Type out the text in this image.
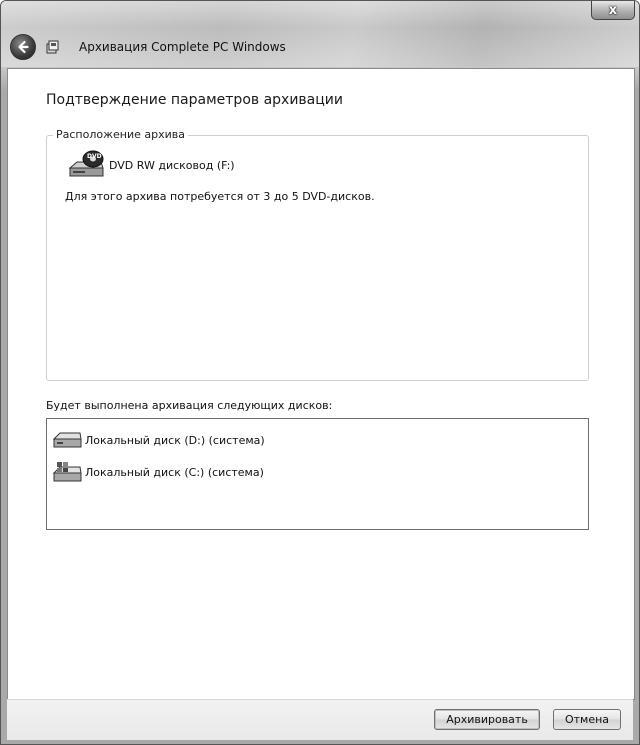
x
Архивация Complete PC Windows
Подтверждение параметров архивации
Расположение архива
DVD
DVD RW дисковод (F:)
Для этого архива потребуется от 3 до 5 DVD-дисков.
Будет выполнена архивация следующих дисков:
Локальный диск (D:) (система)
Локальный диск (C:) (система)
Архивировать	Отмена
